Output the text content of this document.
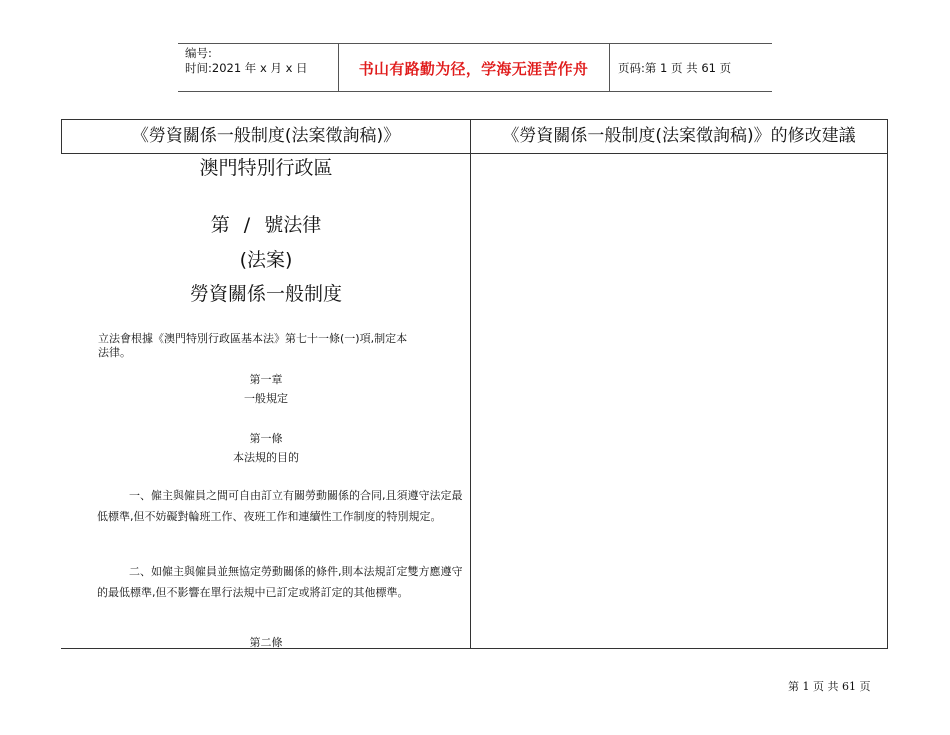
编号:
时间:2021 年 x 月 x 日	书山有路勤为径，学海无涯苦作舟	页码:第 1 页 共 61 页
《勞資關係一般制度(法案徵詢稿)》	《勞資關係一般制度(法案徵詢稿)》的修改建議
澳門特別行政區
第 / 號法律
(法案)
勞資關係一般制度
立法會根據《澳門特別行政區基本法》第七十一條(一)項,制定本
法律。
第一章
一般規定
第一條
本法規的目的
一、僱主與僱員之間可自由訂立有關勞動關係的合同,且須遵守法定最低標準,但不妨礙對輪班工作、夜班工作和連續性工作制度的特別規定。
二、如僱主與僱員並無協定勞動關係的條件,則本法規訂定雙方應遵守的最低標準,但不影響在單行法規中已訂定或將訂定的其他標準。
第二條
第 1 页 共 61 页
